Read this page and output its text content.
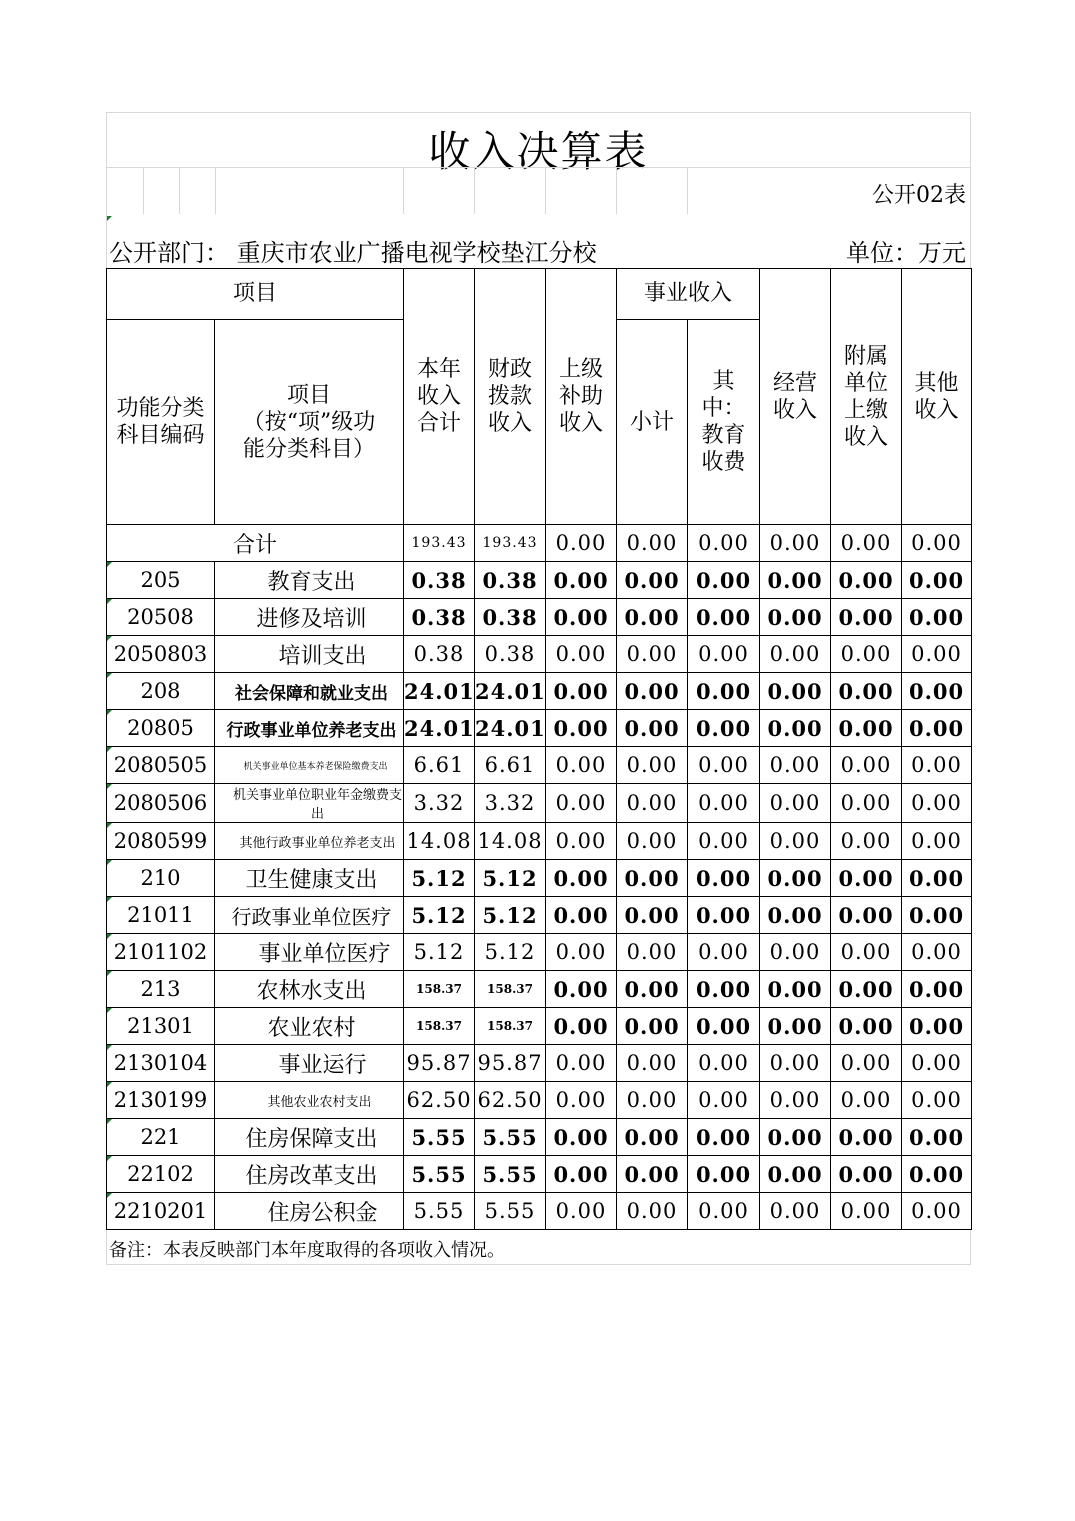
收入决算表
公开02表
公开部门： 重庆市农业广播电视学校垫江分校	单位：万元
项目		本年收入合计	财政拨款收入	上级补助收入	事业收入		经营收入	附属单位上缴收入	其他收入

功能分类科目编码	项目（按“项”级功能分类科目）				小计	其中：教育收费			

合计		193.43	193.43	0.00	0.00	0.00	0.00	0.00	0.00
205	教育支出	0.38	0.38	0.00	0.00	0.00	0.00	0.00	0.00
20508	进修及培训	0.38	0.38	0.00	0.00	0.00	0.00	0.00	0.00
2050803	培训支出	0.38	0.38	0.00	0.00	0.00	0.00	0.00	0.00
208	社会保障和就业支出	24.01	24.01	0.00	0.00	0.00	0.00	0.00	0.00
20805	行政事业单位养老支出	24.01	24.01	0.00	0.00	0.00	0.00	0.00	0.00
2080505	机关事业单位基本养老保险缴费支出	6.61	6.61	0.00	0.00	0.00	0.00	0.00	0.00
2080506	机关事业单位职业年金缴费支出	3.32	3.32	0.00	0.00	0.00	0.00	0.00	0.00
2080599	其他行政事业单位养老支出	14.08	14.08	0.00	0.00	0.00	0.00	0.00	0.00
210	卫生健康支出	5.12	5.12	0.00	0.00	0.00	0.00	0.00	0.00
21011	行政事业单位医疗	5.12	5.12	0.00	0.00	0.00	0.00	0.00	0.00
2101102	事业单位医疗	5.12	5.12	0.00	0.00	0.00	0.00	0.00	0.00
213	农林水支出	158.37	158.37	0.00	0.00	0.00	0.00	0.00	0.00
21301	农业农村	158.37	158.37	0.00	0.00	0.00	0.00	0.00	0.00
2130104	事业运行	95.87	95.87	0.00	0.00	0.00	0.00	0.00	0.00
2130199	其他农业农村支出	62.50	62.50	0.00	0.00	0.00	0.00	0.00	0.00
221	住房保障支出	5.55	5.55	0.00	0.00	0.00	0.00	0.00	0.00
22102	住房改革支出	5.55	5.55	0.00	0.00	0.00	0.00	0.00	0.00
2210201	住房公积金	5.55	5.55	0.00	0.00	0.00	0.00	0.00	0.00
备注：本表反映部门本年度取得的各项收入情况。
